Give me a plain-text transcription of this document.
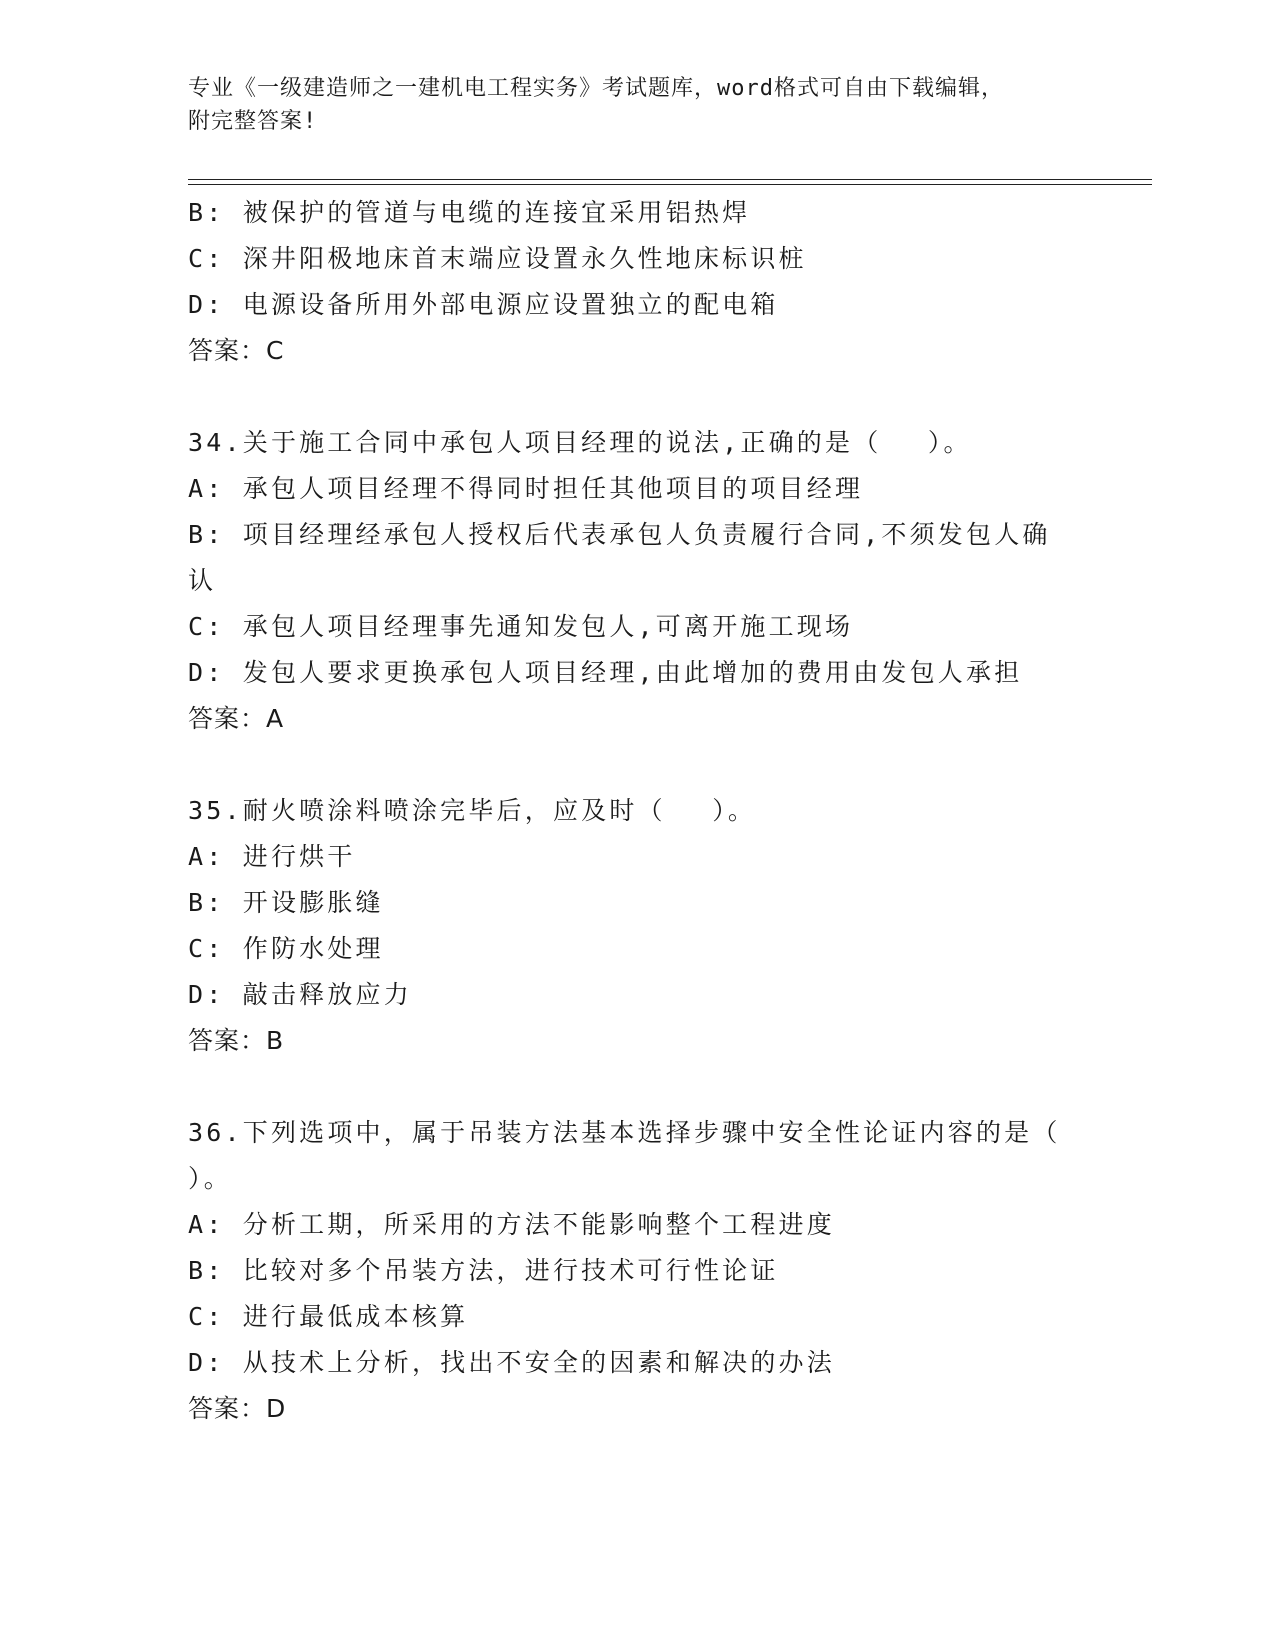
专业《一级建造师之一建机电工程实务》考试题库，word格式可自由下载编辑，
附完整答案!
B: 被保护的管道与电缆的连接宜采用铝热焊
C: 深井阳极地床首末端应设置永久性地床标识桩
D: 电源设备所用外部电源应设置独立的配电箱
答案：C
34.关于施工合同中承包人项目经理的说法,正确的是（　 ）。
A: 承包人项目经理不得同时担任其他项目的项目经理
B: 项目经理经承包人授权后代表承包人负责履行合同,不须发包人确
认
C: 承包人项目经理事先通知发包人,可离开施工现场
D: 发包人要求更换承包人项目经理,由此增加的费用由发包人承担
答案：A
35.耐火喷涂料喷涂完毕后，应及时（　 ）。
A: 进行烘干
B: 开设膨胀缝
C: 作防水处理
D: 敲击释放应力
答案：B
36.下列选项中，属于吊装方法基本选择步骤中安全性论证内容的是（
）。
A: 分析工期，所采用的方法不能影响整个工程进度
B: 比较对多个吊装方法，进行技术可行性论证
C: 进行最低成本核算
D: 从技术上分析，找出不安全的因素和解决的办法
答案：D
